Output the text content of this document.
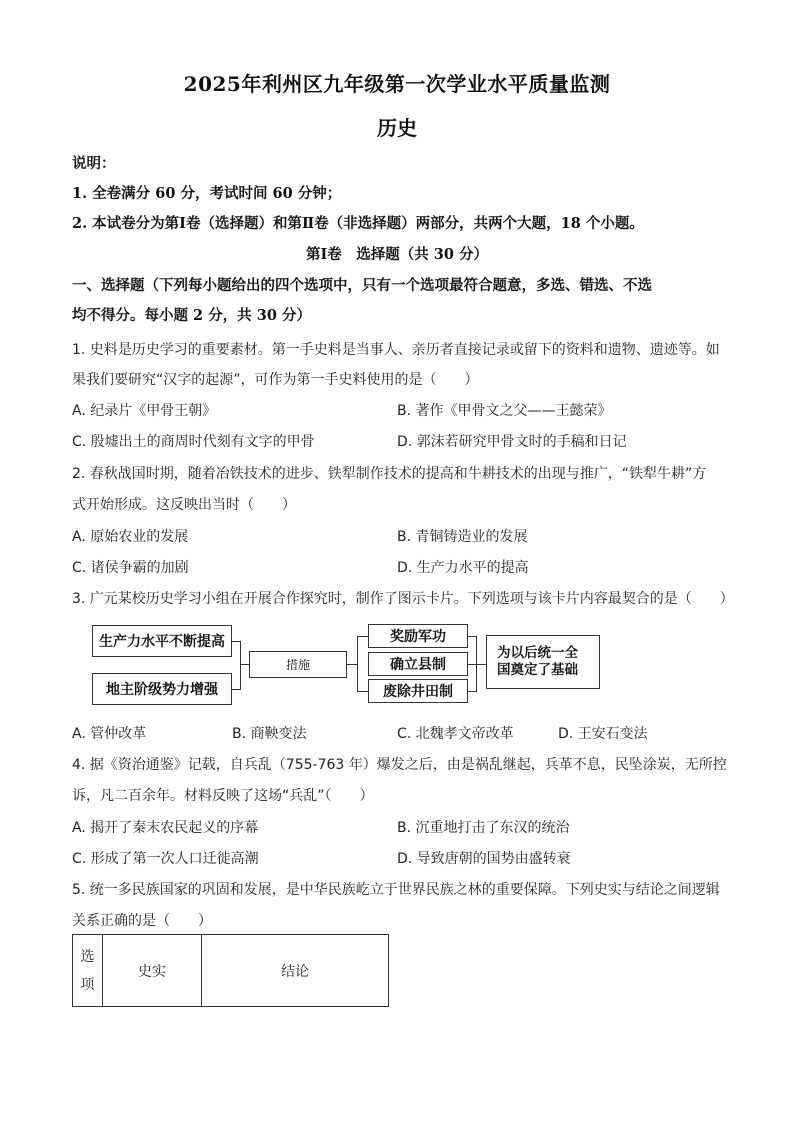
2025年利州区九年级第一次学业水平质量监测
历史
说明：
1. 全卷满分 60 分，考试时间 60 分钟；
2. 本试卷分为第Ⅰ卷（选择题）和第Ⅱ卷（非选择题）两部分，共两个大题，18 个小题。
第Ⅰ卷　选择题（共 30 分）
一、选择题（下列每小题给出的四个选项中，只有一个选项最符合题意，多选、错选、不选
均不得分。每小题 2 分，共 30 分）
1. 史料是历史学习的重要素材。第一手史料是当事人、亲历者直接记录或留下的资料和遗物、遗迹等。如
果我们要研究“汉字的起源”，可作为第一手史料使用的是（　　）
A. 纪录片《甲骨王朝》	B. 著作《甲骨文之父——王懿荣》
C. 殷墟出土的商周时代刻有文字的甲骨	D. 郭沫若研究甲骨文时的手稿和日记
2. 春秋战国时期，随着冶铁技术的进步、铁犁制作技术的提高和牛耕技术的出现与推广，“铁犁牛耕”方
式开始形成。这反映出当时（　　）
A. 原始农业的发展	B. 青铜铸造业的发展
C. 诸侯争霸的加剧	D. 生产力水平的提高
3. 广元某校历史学习小组在开展合作探究时，制作了图示卡片。下列选项与该卡片内容最契合的是（　　）
生产力水平不断提高
地主阶级势力增强
措施
奖励军功
确立县制
废除井田制
为以后统一全国奠定了基础
A. 管仲改革	B. 商鞅变法	C. 北魏孝文帝改革	D. 王安石变法
4. 据《资治通鉴》记载，自兵乱（755-763 年）爆发之后，由是祸乱继起，兵革不息，民坠涂炭，无所控
诉，凡二百余年。材料反映了这场“兵乱”（　　）
A. 揭开了秦末农民起义的序幕	B. 沉重地打击了东汉的统治
C. 形成了第一次人口迁徙高潮	D. 导致唐朝的国势由盛转衰
5. 统一多民族国家的巩固和发展，是中华民族屹立于世界民族之林的重要保障。下列史实与结论之间逻辑
关系正确的是（　　）
选项	史实	结论
